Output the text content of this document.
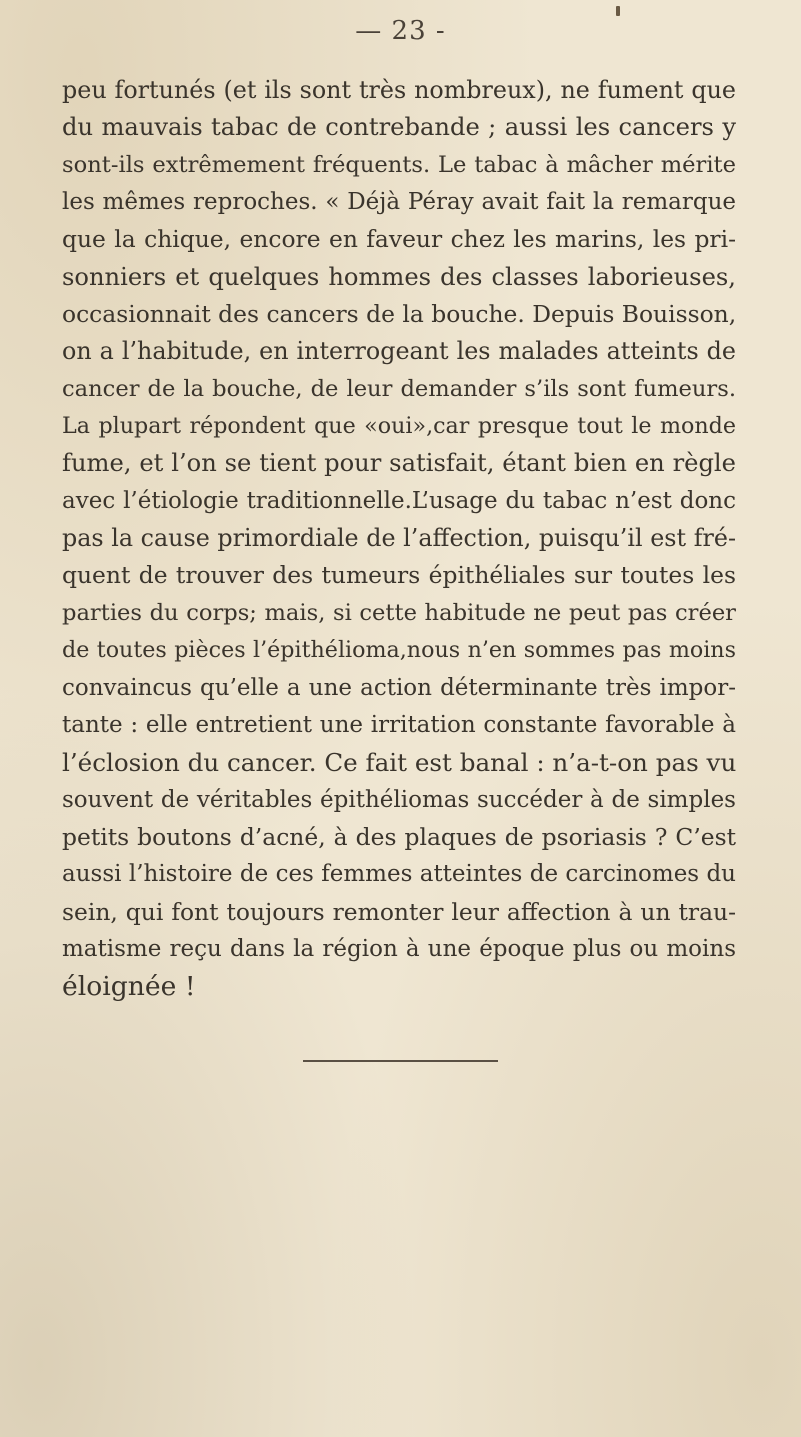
— 23 -
peu fortunés (et ils sont très nombreux), ne fument que
du mauvais tabac de contrebande ; aussi les cancers y
sont-ils extrêmement fréquents. Le tabac à mâcher mérite
les mêmes reproches. « Déjà Péray avait fait la remarque
que la chique, encore en faveur chez les marins, les pri-
sonniers et quelques hommes des classes laborieuses,
occasionnait des cancers de la bouche. Depuis Bouisson,
on a l’habitude, en interrogeant les malades atteints de
cancer de la bouche, de leur demander s’ils sont fumeurs.
La plupart répondent que «oui»,car presque tout le monde
fume, et l’on se tient pour satisfait, étant bien en règle
avec l’étiologie traditionnelle.L’usage du tabac n’est donc
pas la cause primordiale de l’affection, puisqu’il est fré-
quent de trouver des tumeurs épithéliales sur toutes les
parties du corps; mais, si cette habitude ne peut pas créer
de toutes pièces l’épithélioma,nous n’en sommes pas moins
convaincus qu’elle a une action déterminante très impor-
tante : elle entretient une irritation constante favorable à
l’éclosion du cancer. Ce fait est banal : n’a-t-on pas vu
souvent de véritables épithéliomas succéder à de simples
petits boutons d’acné, à des plaques de psoriasis ? C’est
aussi l’histoire de ces femmes atteintes de carcinomes du
sein, qui font toujours remonter leur affection à un trau-
matisme reçu dans la région à une époque plus ou moins
éloignée !
